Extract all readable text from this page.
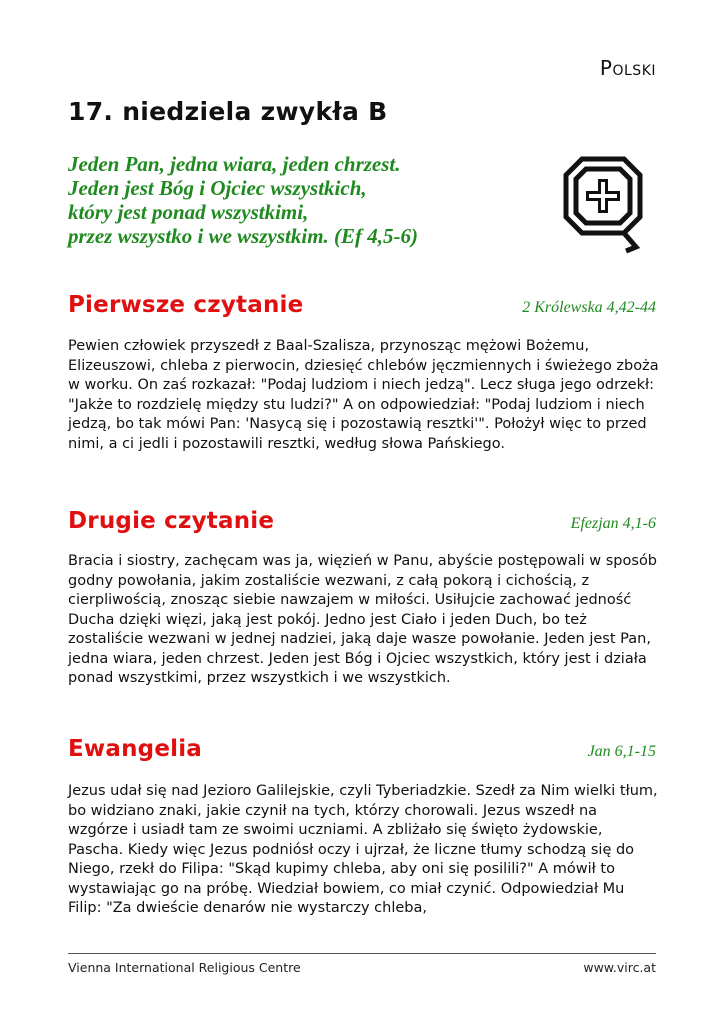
Polski
17. niedziela zwykła B

Jeden Pan, jedna wiara, jeden chrzest.
Jeden jest Bóg i Ojciec wszystkich,
który jest ponad wszystkimi,
przez wszystko i we wszystkim. (Ef 4,5-6)

Pierwsze czytanie	2 Królewska 4,42-44

Pewien człowiek przyszedł z Baal-Szalisza, przynosząc mężowi Bożemu, Elizeuszowi, chleba z pierwocin, dziesięć chlebów jęczmiennych i świeżego zboża w worku. On zaś rozkazał: "Podaj ludziom i niech jedzą". Lecz sługa jego odrzekł: "Jakże to rozdzielę między stu ludzi?" A on odpowiedział: "Podaj ludziom i niech jedzą, bo tak mówi Pan: 'Nasycą się i pozostawią resztki'". Położył więc to przed nimi, a ci jedli i pozostawili resztki, według słowa Pańskiego.

Drugie czytanie	Efezjan 4,1-6

Bracia i siostry, zachęcam was ja, więzień w Panu, abyście postępowali w sposób godny powołania, jakim zostaliście wezwani, z całą pokorą i cichością, z cierpliwością, znosząc siebie nawzajem w miłości. Usiłujcie zachować jedność Ducha dzięki więzi, jaką jest pokój. Jedno jest Ciało i jeden Duch, bo też zostaliście wezwani w jednej nadziei, jaką daje wasze powołanie. Jeden jest Pan, jedna wiara, jeden chrzest. Jeden jest Bóg i Ojciec wszystkich, który jest i działa ponad wszystkimi, przez wszystkich i we wszystkich.

Ewangelia	Jan 6,1-15

Jezus udał się nad Jezioro Galilejskie, czyli Tyberiadzkie. Szedł za Nim wielki tłum, bo widziano znaki, jakie czynił na tych, którzy chorowali. Jezus wszedł na wzgórze i usiadł tam ze swoimi uczniami. A zbliżało się święto żydowskie, Pascha. Kiedy więc Jezus podniósł oczy i ujrzał, że liczne tłumy schodzą się do Niego, rzekł do Filipa: "Skąd kupimy chleba, aby oni się posilili?" A mówił to wystawiając go na próbę. Wiedział bowiem, co miał czynić. Odpowiedział Mu Filip: "Za dwieście denarów nie wystarczy chleba,

Vienna International Religious Centre	www.virc.at
